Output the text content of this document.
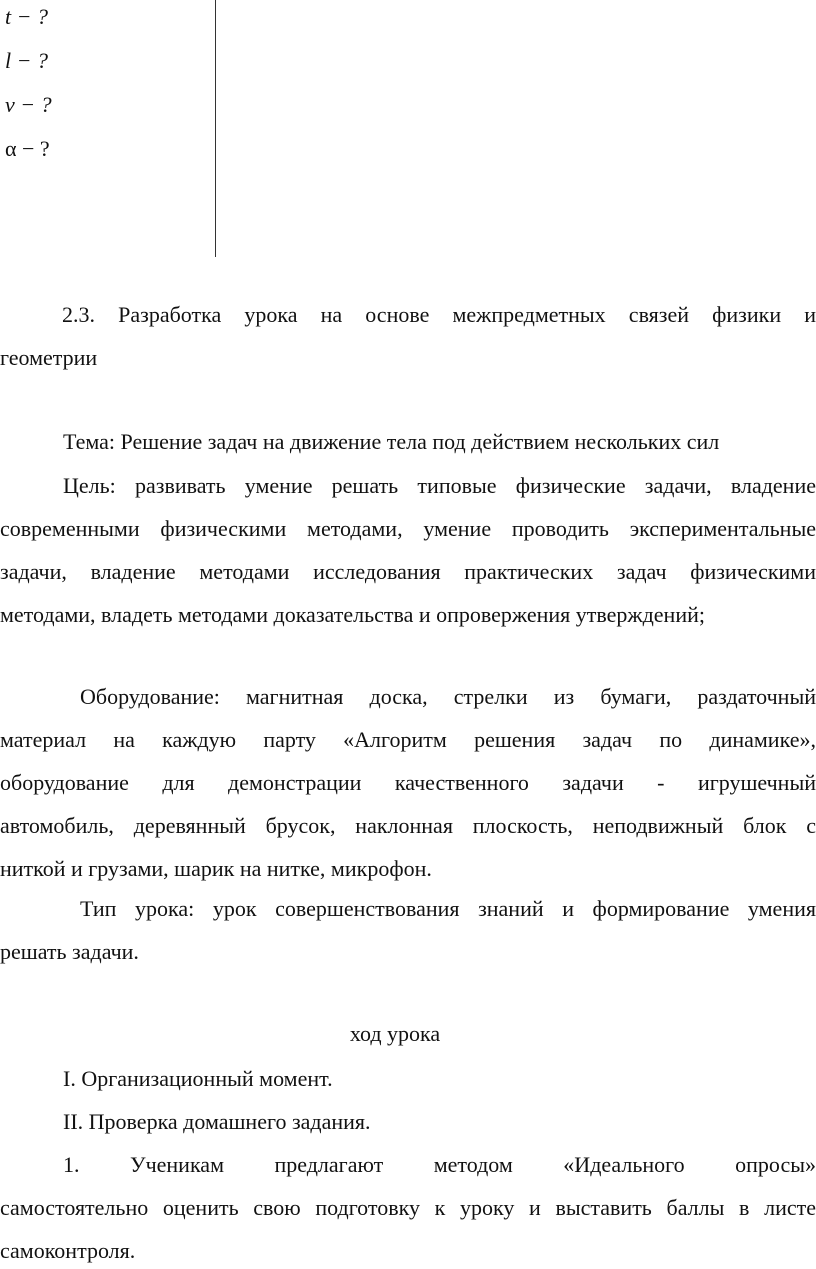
t − ?
l − ?
v − ?
α − ?
2.3. Разработка урока на основе межпредметных связей физики и
геометрии
Тема: Решение задач на движение тела под действием нескольких сил
Цель: развивать умение решать типовые физические задачи, владение
современными физическими методами, умение проводить экспериментальные
задачи, владение методами исследования практических задач физическими
методами, владеть методами доказательства и опровержения утверждений;
Оборудование: магнитная доска, стрелки из бумаги, раздаточный
материал на каждую парту «Алгоритм решения задач по динамике»,
оборудование для демонстрации качественного задачи - игрушечный
автомобиль, деревянный брусок, наклонная плоскость, неподвижный блок с
ниткой и грузами, шарик на нитке, микрофон.
Тип урока: урок совершенствования знаний и формирование умения
решать задачи.
ход урока
I. Организационный момент.
II. Проверка домашнего задания.
1. Ученикам предлагают методом «Идеального опросы»
самостоятельно оценить свою подготовку к уроку и выставить баллы в листе
самоконтроля.
